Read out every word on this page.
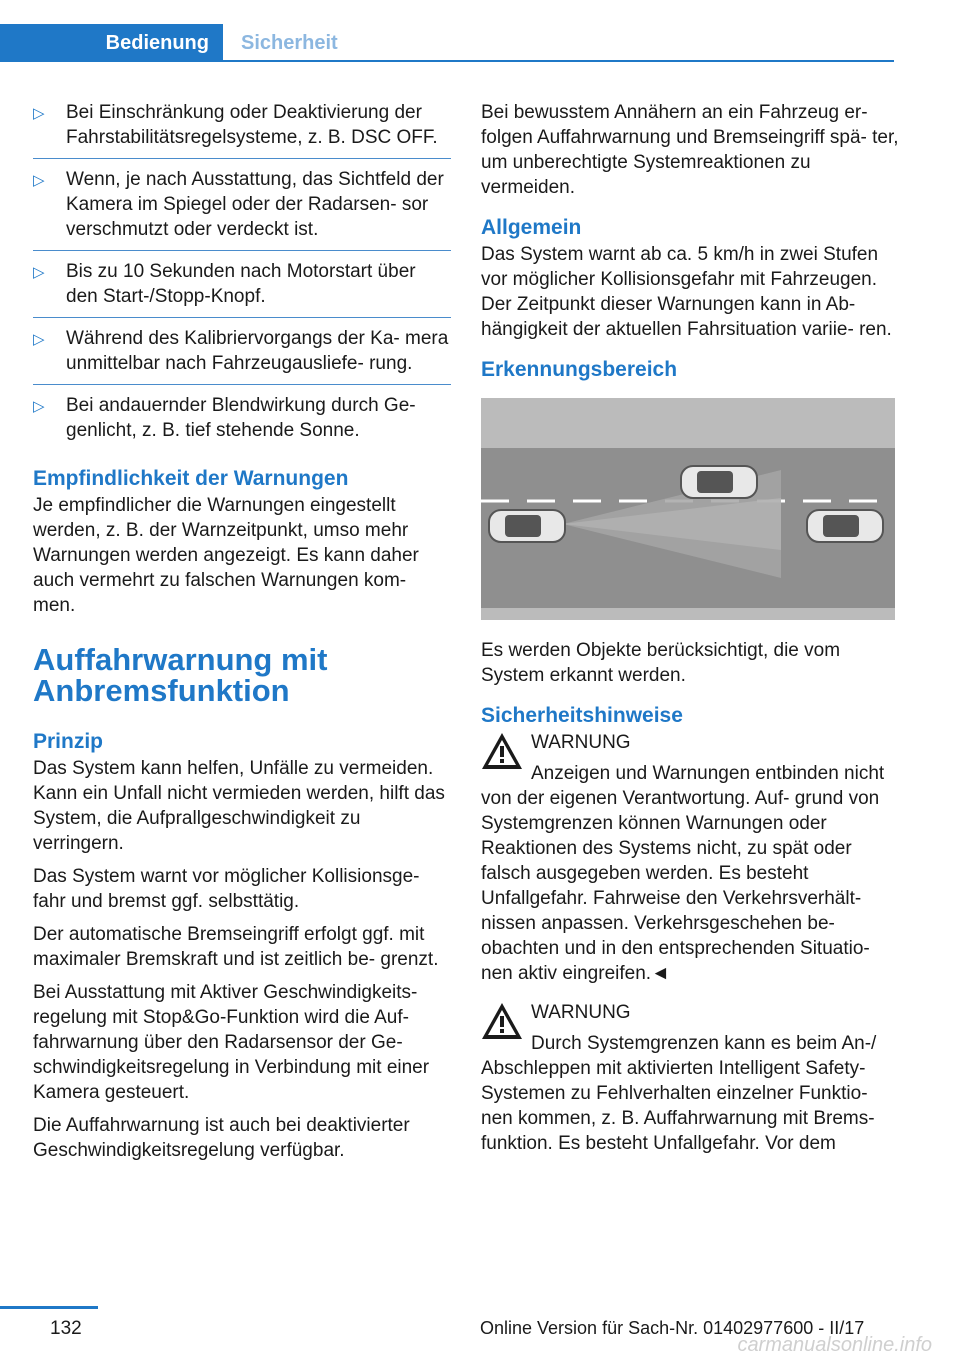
Bedienung	Sicherheit
▷ Bei Einschränkung oder Deaktivierung der Fahrstabilitätsregelsysteme, z. B. DSC OFF.
▷ Wenn, je nach Ausstattung, das Sichtfeld der Kamera im Spiegel oder der Radarsen‐ sor verschmutzt oder verdeckt ist.
▷ Bis zu 10 Sekunden nach Motorstart über den Start-/Stopp-Knopf.
▷ Während des Kalibriervorgangs der Ka‐ mera unmittelbar nach Fahrzeugausliefe‐ rung.
▷ Bei andauernder Blendwirkung durch Ge‐ genlicht, z. B. tief stehende Sonne.
Empfindlichkeit der Warnungen

Je empfindlicher die Warnungen eingestellt werden, z. B. der Warnzeitpunkt, umso mehr Warnungen werden angezeigt. Es kann daher auch vermehrt zu falschen Warnungen kom‐ men.

Auffahrwarnung mit Anbremsfunktion
Prinzip

Das System kann helfen, Unfälle zu vermeiden. Kann ein Unfall nicht vermieden werden, hilft das System, die Aufprallgeschwindigkeit zu verringern.

Das System warnt vor möglicher Kollisionsge‐ fahr und bremst ggf. selbsttätig.

Der automatische Bremseingriff erfolgt ggf. mit maximaler Bremskraft und ist zeitlich be‐ grenzt.

Bei Ausstattung mit Aktiver Geschwindigkeits‐ regelung mit Stop&Go-Funktion wird die Auf‐ fahrwarnung über den Radarsensor der Ge‐ schwindigkeitsregelung in Verbindung mit einer Kamera gesteuert.

Die Auffahrwarnung ist auch bei deaktivierter Geschwindigkeitsregelung verfügbar.

Bei bewusstem Annähern an ein Fahrzeug er‐ folgen Auffahrwarnung und Bremseingriff spä‐ ter, um unberechtigte Systemreaktionen zu vermeiden.

Allgemein

Das System warnt ab ca. 5 km/h in zwei Stufen vor möglicher Kollisionsgefahr mit Fahrzeugen. Der Zeitpunkt dieser Warnungen kann in Ab‐ hängigkeit der aktuellen Fahrsituation variie‐ ren.

Erkennungsbereich

Es werden Objekte berücksichtigt, die vom System erkannt werden.

Sicherheitshinweise

WARNUNG

Anzeigen und Warnungen entbinden nicht von der eigenen Verantwortung. Auf‐ grund von Systemgrenzen können Warnungen oder Reaktionen des Systems nicht, zu spät oder falsch ausgegeben werden. Es besteht Unfallgefahr. Fahrweise den Verkehrsverhält‐ nissen anpassen. Verkehrsgeschehen be‐ obachten und in den entsprechenden Situatio‐ nen aktiv eingreifen.◄

WARNUNG

Durch Systemgrenzen kann es beim An-/ Abschleppen mit aktivierten Intelligent Safety- Systemen zu Fehlverhalten einzelner Funktio‐ nen kommen, z. B. Auffahrwarnung mit Brems‐ funktion. Es besteht Unfallgefahr. Vor dem

132	Online Version für Sach-Nr. 01402977600 - II/17
carmanualsonline.info
